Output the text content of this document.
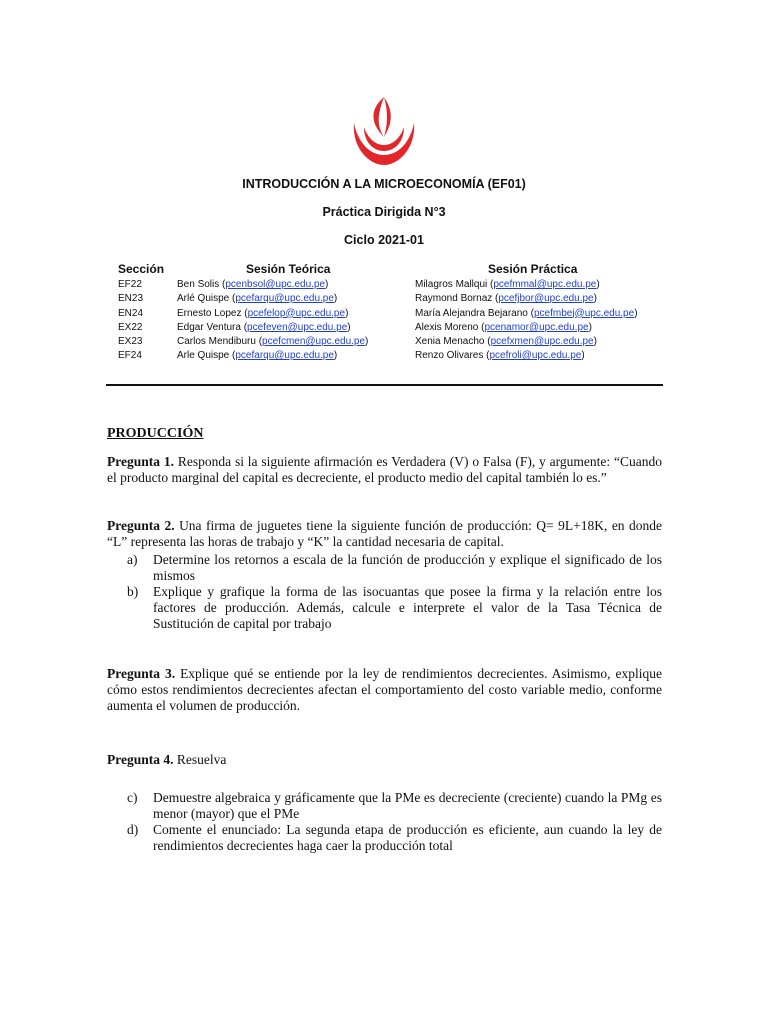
INTRODUCCIÓN A LA MICROECONOMÍA (EF01)
Práctica Dirigida N°3
Ciclo 2021-01
Sección	Sesión Teórica	Sesión Práctica
EF22	Ben Solis (pcenbsol@upc.edu.pe)	Milagros Mallqui (pcefmmal@upc.edu.pe)
EN23	Arlé Quispe (pcefarqu@upc.edu.pe)	Raymond Bornaz (pcefjbor@upc.edu.pe)
EN24	Ernesto Lopez (pcefelop@upc.edu.pe)	María Alejandra Bejarano (pcefmbej@upc.edu.pe)
EX22	Edgar Ventura (pcefeven@upc.edu.pe)	Alexis Moreno (pcenamor@upc.edu.pe)
EX23	Carlos Mendiburu (pcefcmen@upc.edu.pe)	Xenia Menacho (pcefxmen@upc.edu.pe)
EF24	Arle Quispe (pcefarqu@upc.edu.pe)	Renzo Olivares (pcefroli@upc.edu.pe)
PRODUCCIÓN
Pregunta 1. Responda si la siguiente afirmación es Verdadera (V) o Falsa (F), y argumente: “Cuando el producto marginal del capital es decreciente, el producto medio del capital también lo es.”
Pregunta 2. Una firma de juguetes tiene la siguiente función de producción: Q= 9L+18K, en donde “L” representa las horas de trabajo y “K” la cantidad necesaria de capital.
a) Determine los retornos a escala de la función de producción y explique el significado de los mismos
b) Explique y grafique la forma de las isocuantas que posee la firma y la relación entre los factores de producción. Además, calcule e interprete el valor de la Tasa Técnica de Sustitución de capital por trabajo
Pregunta 3. Explique qué se entiende por la ley de rendimientos decrecientes. Asimismo, explique cómo estos rendimientos decrecientes afectan el comportamiento del costo variable medio, conforme aumenta el volumen de producción.
Pregunta 4. Resuelva
c) Demuestre algebraica y gráficamente que la PMe es decreciente (creciente) cuando la PMg es menor (mayor) que el PMe
d) Comente el enunciado: La segunda etapa de producción es eficiente, aun cuando la ley de rendimientos decrecientes haga caer la producción total
